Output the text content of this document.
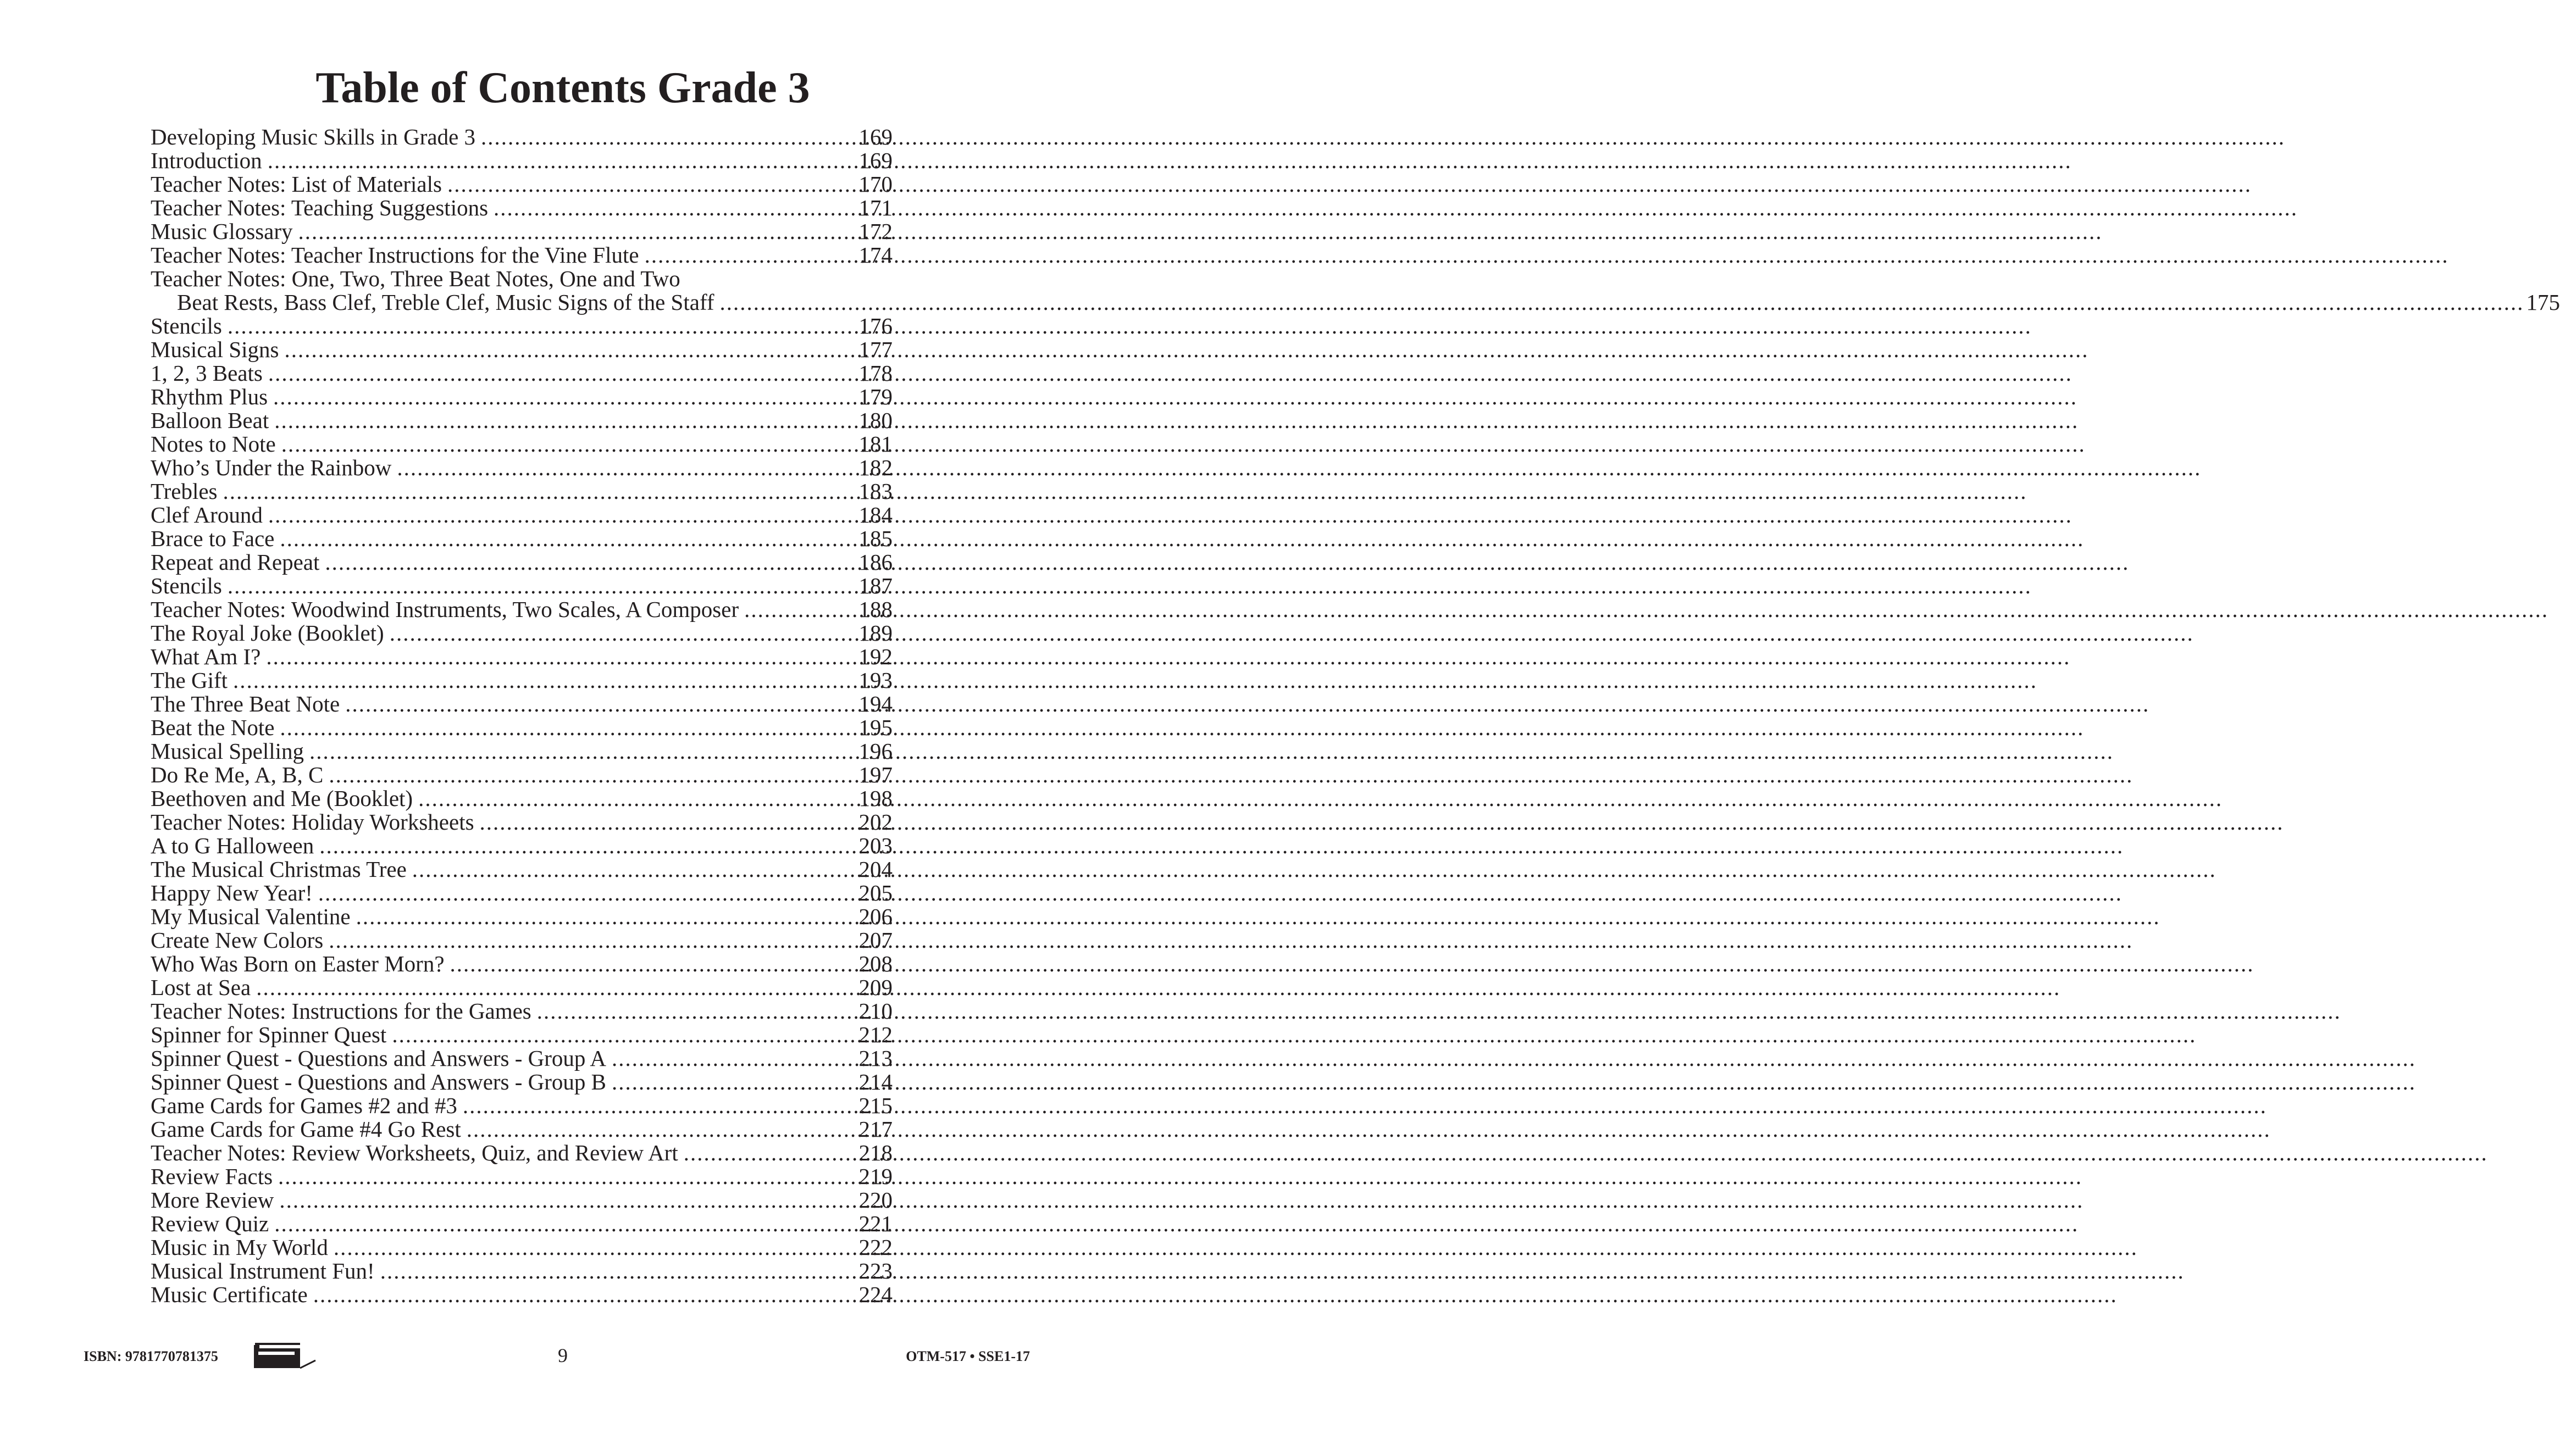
Table of Contents Grade 3
Developing Music Skills in Grade 3 .....	169
Introduction .....	169
Teacher Notes: List of Materials .....	170
Teacher Notes: Teaching Suggestions .....	171
Music Glossary .....	172
Teacher Notes: Teacher Instructions for the Vine Flute .....	174
Teacher Notes: One, Two, Three Beat Notes, One and Two
Beat Rests, Bass Clef, Treble Clef, Music Signs of the Staff .....	175
Stencils .....	176
Musical Signs .....	177
1, 2, 3 Beats .....	178
Rhythm Plus .....	179
Balloon Beat .....	180
Notes to Note .....	181
Who’s Under the Rainbow .....	182
Trebles .....	183
Clef Around .....	184
Brace to Face .....	185
Repeat and Repeat .....	186
Stencils .....	187
Teacher Notes: Woodwind Instruments, Two Scales, A Composer .....	188
The Royal Joke (Booklet) .....	189
What Am I? .....	192
The Gift .....	193
The Three Beat Note .....	194
Beat the Note .....	195
Musical Spelling .....	196
Do Re Me, A, B, C .....	197
Beethoven and Me (Booklet) .....	198
Teacher Notes: Holiday Worksheets .....	202
A to G Halloween .....	203
The Musical Christmas Tree .....	204
Happy New Year! .....	205
My Musical Valentine .....	206
Create New Colors .....	207
Who Was Born on Easter Morn? .....	208
Lost at Sea .....	209
Teacher Notes: Instructions for the Games .....	210
Spinner for Spinner Quest .....	212
Spinner Quest - Questions and Answers - Group A .....	213
Spinner Quest - Questions and Answers - Group B .....	214
Game Cards for Games #2 and #3 .....	215
Game Cards for Game #4 Go Rest .....	217
Teacher Notes: Review Worksheets, Quiz, and Review Art .....	218
Review Facts .....	219
More Review .....	220
Review Quiz .....	221
Music in My World .....	222
Musical Instrument Fun! .....	223
Music Certificate .....	224
ISBN: 9781770781375	9	OTM-517 • SSE1-17
